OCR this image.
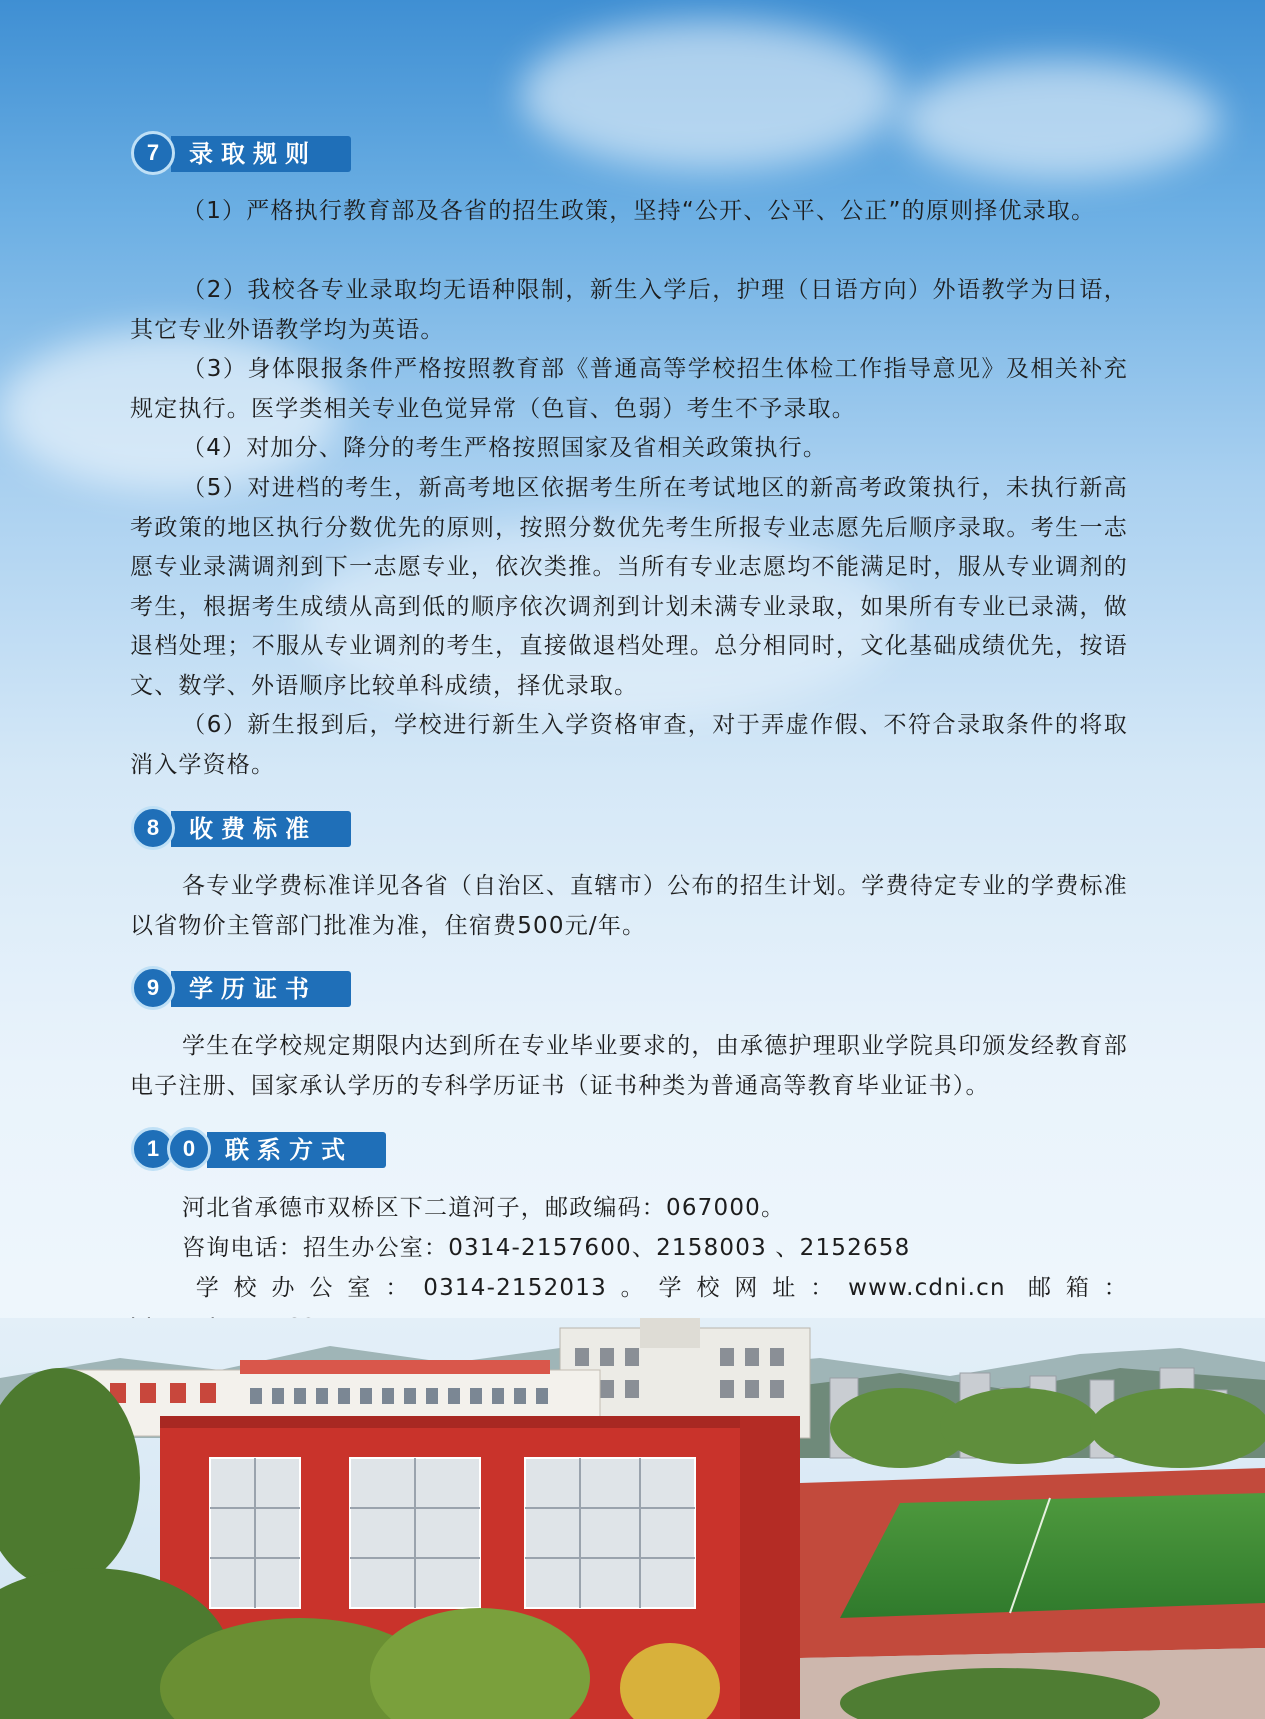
7	录取规则

（1）严格执行教育部及各省的招生政策，坚持“公开、公平、公正”的原则择优录取。

（2）我校各专业录取均无语种限制，新生入学后，护理（日语方向）外语教学为日语，其它专业外语教学均为英语。

（3）身体限报条件严格按照教育部《普通高等学校招生体检工作指导意见》及相关补充规定执行。医学类相关专业色觉异常（色盲、色弱）考生不予录取。

（4）对加分、降分的考生严格按照国家及省相关政策执行。

（5）对进档的考生，新高考地区依据考生所在考试地区的新高考政策执行，未执行新高考政策的地区执行分数优先的原则，按照分数优先考生所报专业志愿先后顺序录取。考生一志愿专业录满调剂到下一志愿专业，依次类推。当所有专业志愿均不能满足时，服从专业调剂的考生，根据考生成绩从高到低的顺序依次调剂到计划未满专业录取，如果所有专业已录满，做退档处理；不服从专业调剂的考生，直接做退档处理。总分相同时，文化基础成绩优先，按语文、数学、外语顺序比较单科成绩，择优录取。

（6）新生报到后，学校进行新生入学资格审查，对于弄虚作假、不符合录取条件的将取消入学资格。

8	收费标准

各专业学费标准详见各省（自治区、直辖市）公布的招生计划。学费待定专业的学费标准以省物价主管部门批准为准，住宿费500元/年。

9	学历证书

学生在学校规定期限内达到所在专业毕业要求的，由承德护理职业学院具印颁发经教育部电子注册、国家承认学历的专科学历证书（证书种类为普通高等教育毕业证书）。

1	0	联系方式

河北省承德市双桥区下二道河子，邮政编码：067000。

咨询电话：招生办公室：0314-2157600、2158003 、2152658

学校办公室：0314-2152013。学校网址：www.cdni.cn 邮箱：
